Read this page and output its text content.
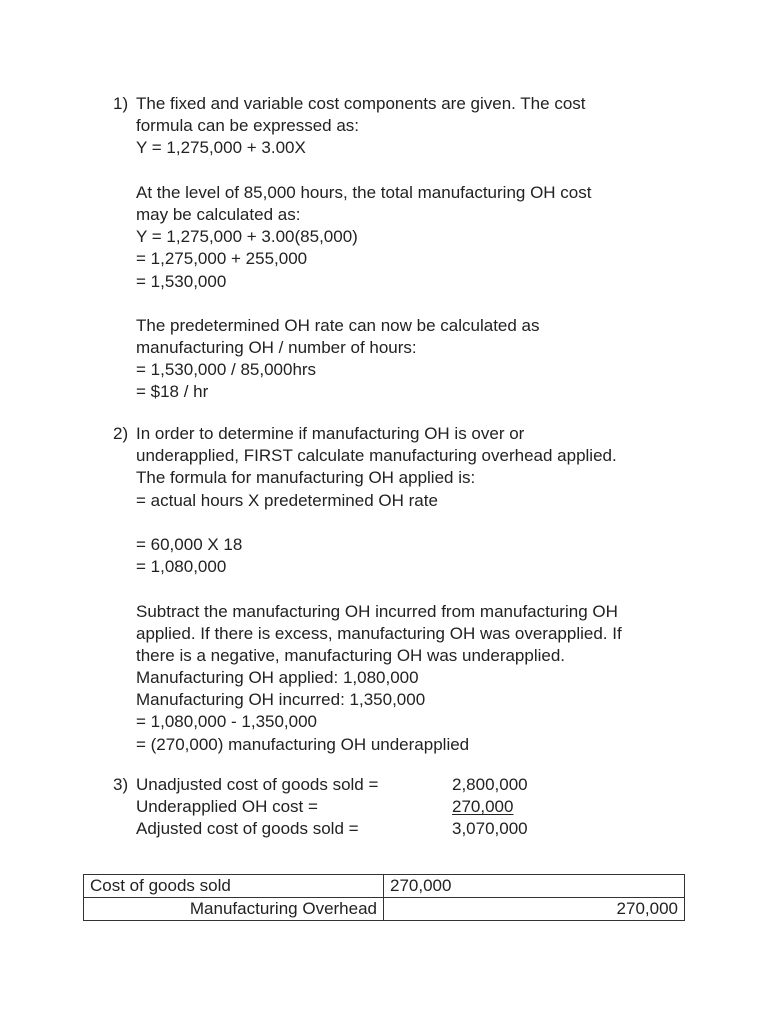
1) The fixed and variable cost components are given. The cost
formula can be expressed as:
Y = 1,275,000 + 3.00X
At the level of 85,000 hours, the total manufacturing OH cost
may be calculated as:
Y = 1,275,000 + 3.00(85,000)
= 1,275,000 + 255,000
= 1,530,000
The predetermined OH rate can now be calculated as
manufacturing OH / number of hours:
= 1,530,000 / 85,000hrs
= $18 / hr
2) In order to determine if manufacturing OH is over or
underapplied, FIRST calculate manufacturing overhead applied.
The formula for manufacturing OH applied is:
= actual hours X predetermined OH rate
= 60,000 X 18
= 1,080,000
Subtract the manufacturing OH incurred from manufacturing OH
applied. If there is excess, manufacturing OH was overapplied. If
there is a negative, manufacturing OH was underapplied.
Manufacturing OH applied: 1,080,000
Manufacturing OH incurred: 1,350,000
= 1,080,000 - 1,350,000
= (270,000) manufacturing OH underapplied
3) Unadjusted cost of goods sold =	2,800,000
Underapplied OH cost =	270,000
Adjusted cost of goods sold =	3,070,000
Cost of goods sold	270,000
Manufacturing Overhead	270,000
